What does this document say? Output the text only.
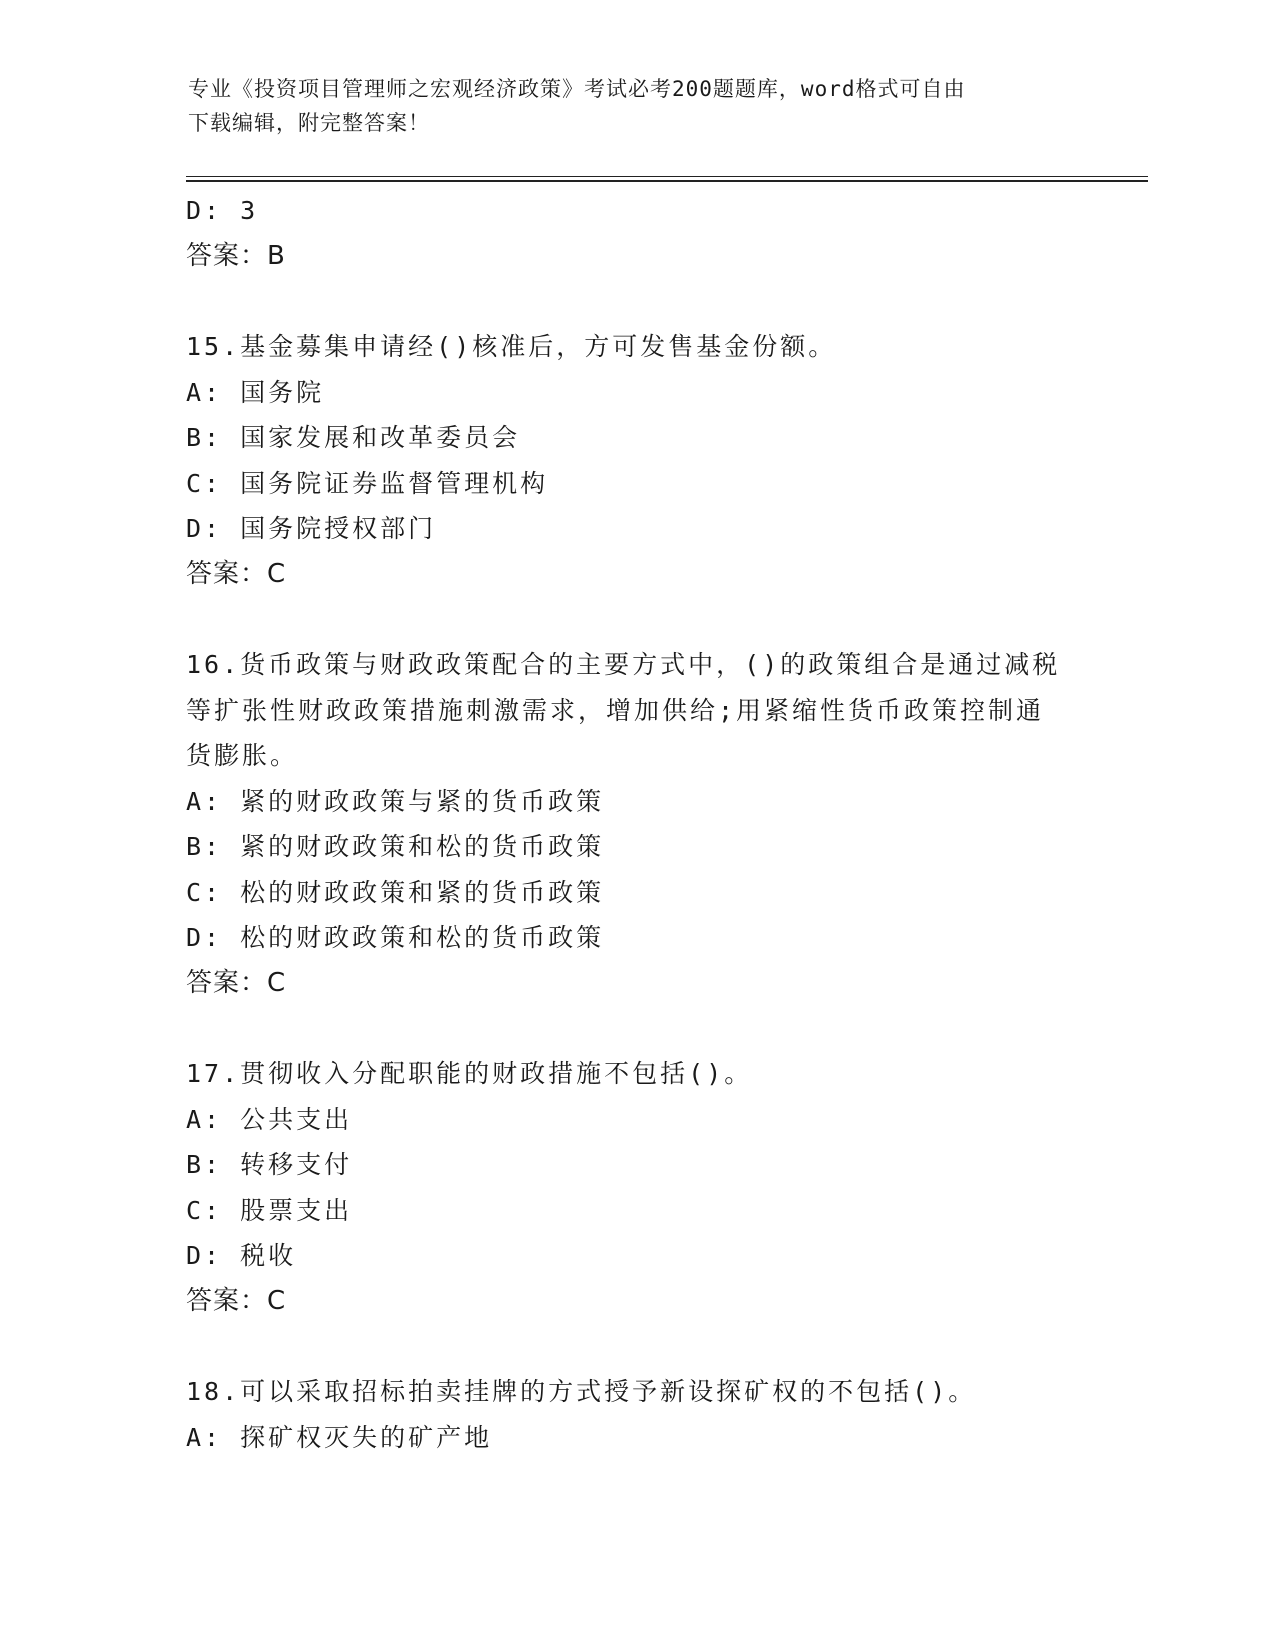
专业《投资项目管理师之宏观经济政策》考试必考200题题库，word格式可自由
下载编辑，附完整答案！
D: 3
答案：B
15.基金募集申请经()核准后，方可发售基金份额。
A: 国务院
B: 国家发展和改革委员会
C: 国务院证券监督管理机构
D: 国务院授权部门
答案：C
16.货币政策与财政政策配合的主要方式中，()的政策组合是通过减税
等扩张性财政政策措施刺激需求，增加供给;用紧缩性货币政策控制通
货膨胀。
A: 紧的财政政策与紧的货币政策
B: 紧的财政政策和松的货币政策
C: 松的财政政策和紧的货币政策
D: 松的财政政策和松的货币政策
答案：C
17.贯彻收入分配职能的财政措施不包括()。
A: 公共支出
B: 转移支付
C: 股票支出
D: 税收
答案：C
18.可以采取招标拍卖挂牌的方式授予新设探矿权的不包括()。
A: 探矿权灭失的矿产地
